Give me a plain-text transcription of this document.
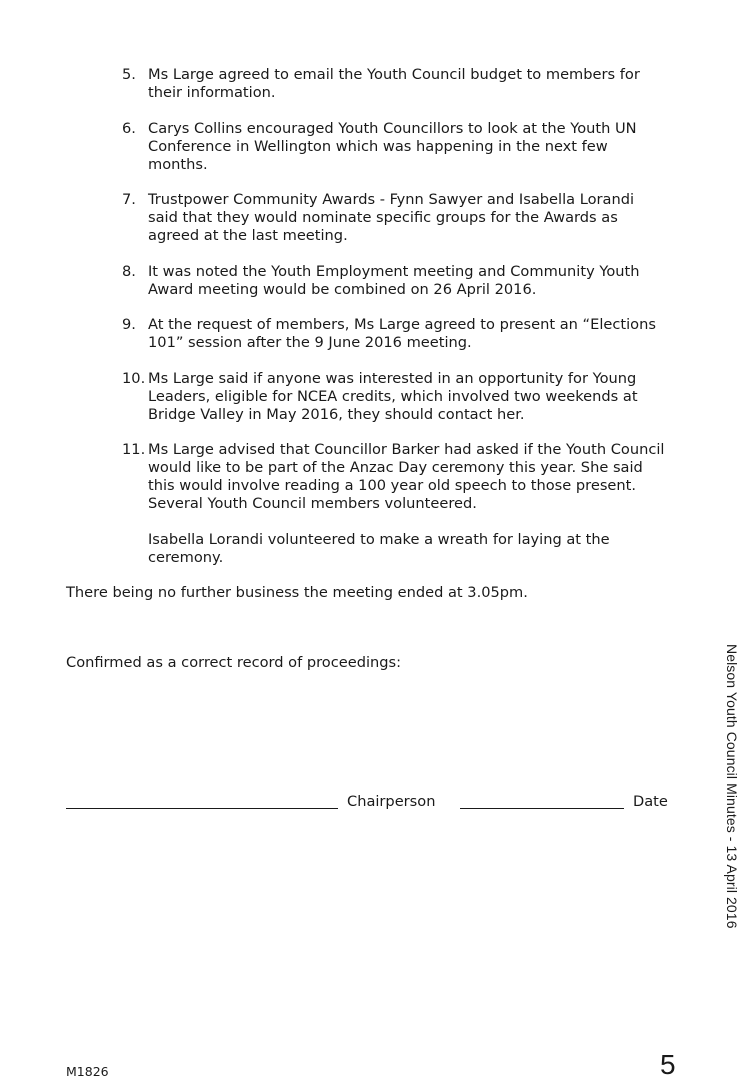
5. Ms Large agreed to email the Youth Council budget to members for
their information.
6. Carys Collins encouraged Youth Councillors to look at the Youth UN
Conference in Wellington which was happening in the next few
months.
7. Trustpower Community Awards - Fynn Sawyer and Isabella Lorandi
said that they would nominate specific groups for the Awards as
agreed at the last meeting.
8. It was noted the Youth Employment meeting and Community Youth
Award meeting would be combined on 26 April 2016.
9. At the request of members, Ms Large agreed to present an “Elections
101” session after the 9 June 2016 meeting.
10. Ms Large said if anyone was interested in an opportunity for Young
Leaders, eligible for NCEA credits, which involved two weekends at
Bridge Valley in May 2016, they should contact her.
11. Ms Large advised that Councillor Barker had asked if the Youth Council
would like to be part of the Anzac Day ceremony this year. She said
this would involve reading a 100 year old speech to those present.
Several Youth Council members volunteered.
Isabella Lorandi volunteered to make a wreath for laying at the
ceremony.
There being no further business the meeting ended at 3.05pm.
Confirmed as a correct record of proceedings:
Chairperson	Date	Nelson Youth Council Minutes - 13 April 2016
M1826	5
